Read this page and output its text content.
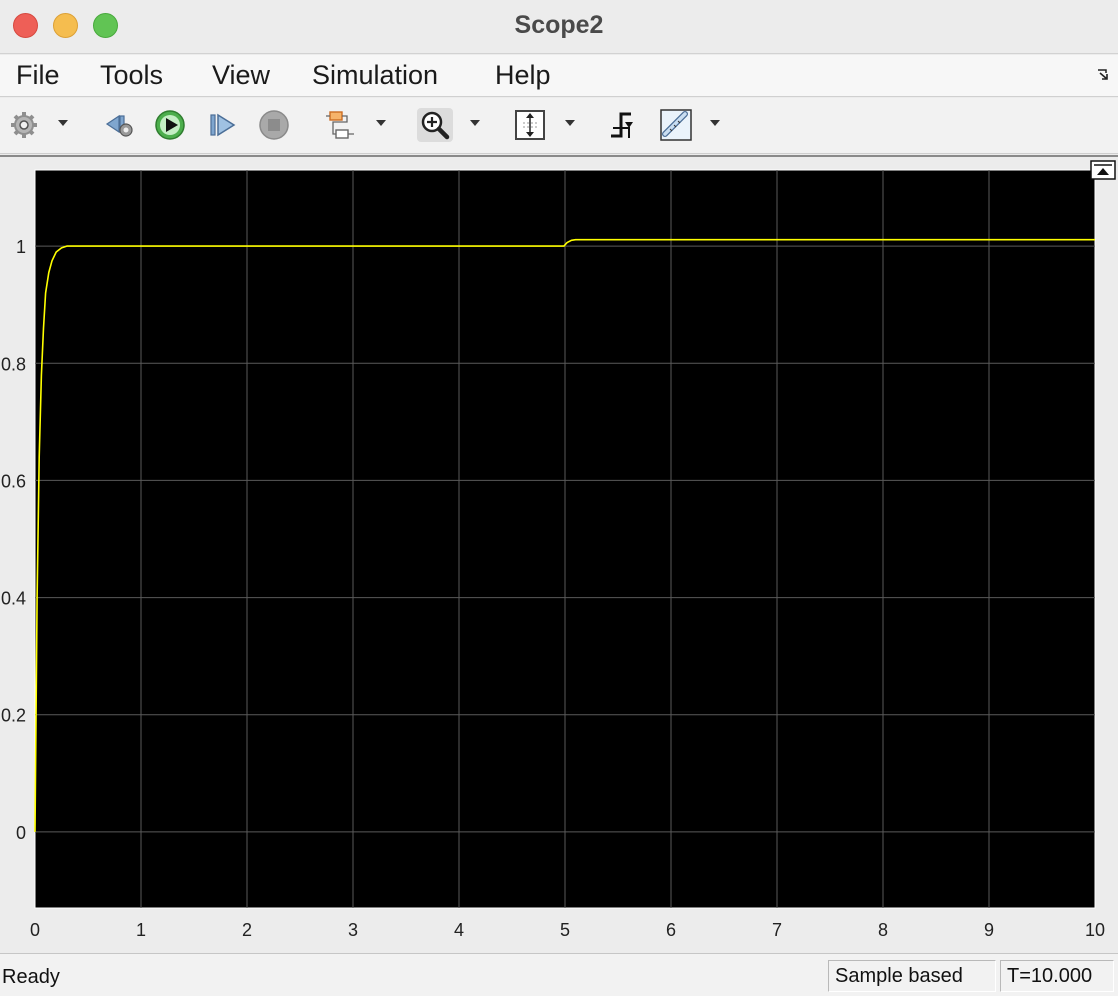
Scope2
File Tools View Simulation Help
0	1	2	3	4	5	6	7	8	9	10
0
0.2
0.4
0.6
0.8
1
Ready	Sample based	T=10.000
